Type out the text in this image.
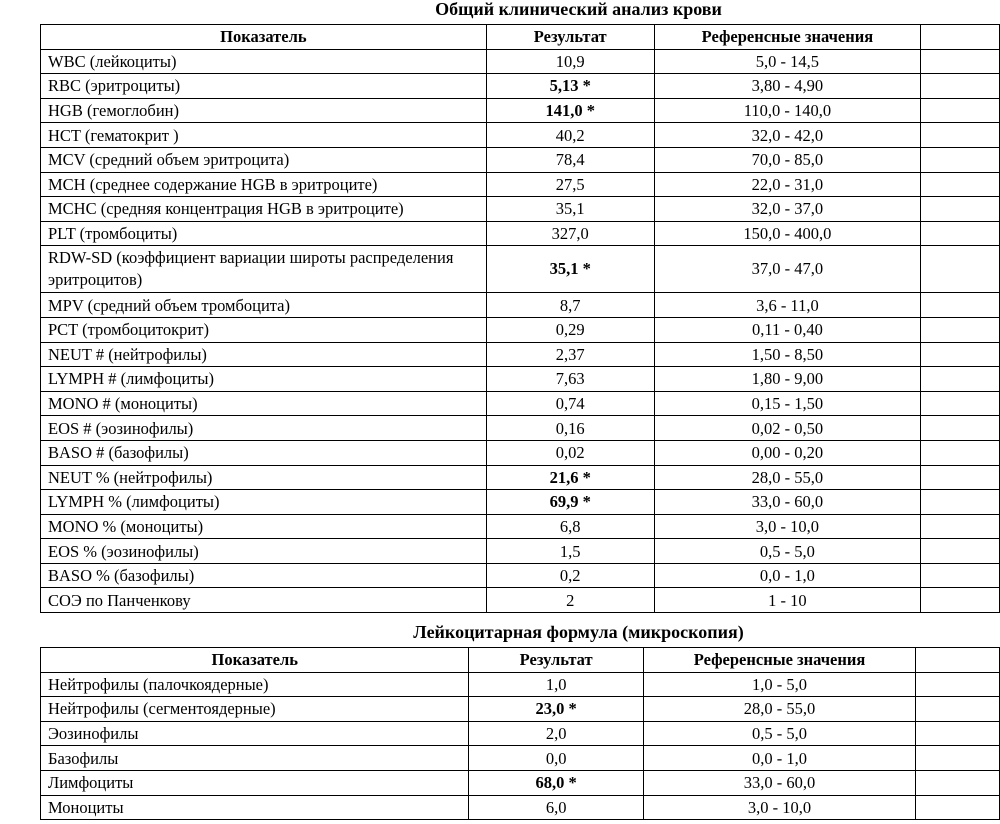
Общий клинический анализ крови
Показатель	Результат	Референсные значения	
WBC (лейкоциты)	10,9	5,0 - 14,5	
RBC (эритроциты)	5,13 *	3,80 - 4,90	
HGB (гемоглобин)	141,0 *	110,0 - 140,0	
HCT (гематокрит )	40,2	32,0 - 42,0	
MCV (средний объем эритроцита)	78,4	70,0 - 85,0	
MCH (среднее содержание HGB в эритроците)	27,5	22,0 - 31,0	
MCHC (средняя концентрация HGB в эритроците)	35,1	32,0 - 37,0	
PLT (тромбоциты)	327,0	150,0 - 400,0	
RDW-SD (коэффициент вариации широты распределения эритроцитов)	35,1 *	37,0 - 47,0	
MPV (средний объем тромбоцита)	8,7	3,6 - 11,0	
PCT (тромбоцитокрит)	0,29	0,11 - 0,40	
NEUT # (нейтрофилы)	2,37	1,50 - 8,50	
LYMPH # (лимфоциты)	7,63	1,80 - 9,00	
MONO # (моноциты)	0,74	0,15 - 1,50	
EOS # (эозинофилы)	0,16	0,02 - 0,50	
BASO # (базофилы)	0,02	0,00 - 0,20	
NEUT % (нейтрофилы)	21,6 *	28,0 - 55,0	
LYMPH % (лимфоциты)	69,9 *	33,0 - 60,0	
MONO % (моноциты)	6,8	3,0 - 10,0	
EOS % (эозинофилы)	1,5	0,5 - 5,0	
BASO % (базофилы)	0,2	0,0 - 1,0	
СОЭ по Панченкову	2	1 - 10	
Лейкоцитарная формула (микроскопия)
Показатель	Результат	Референсные значения	
Нейтрофилы (палочкоядерные)	1,0	1,0 - 5,0	
Нейтрофилы (сегментоядерные)	23,0 *	28,0 - 55,0	
Эозинофилы	2,0	0,5 - 5,0	
Базофилы	0,0	0,0 - 1,0	
Лимфоциты	68,0 *	33,0 - 60,0	
Моноциты	6,0	3,0 - 10,0	
